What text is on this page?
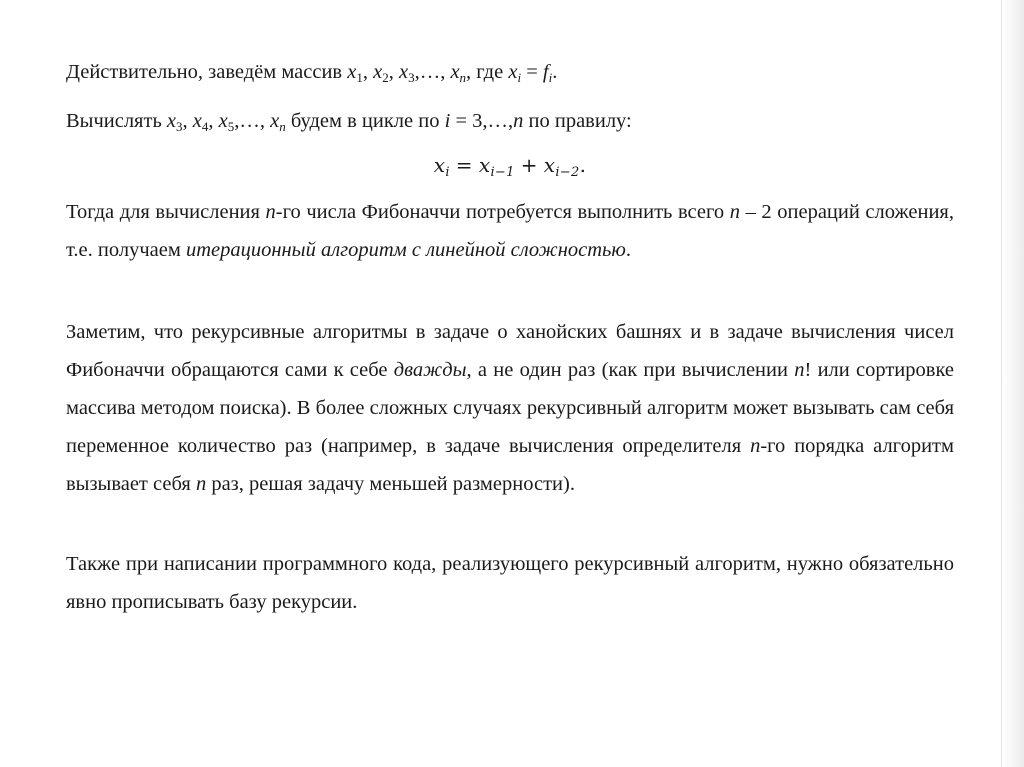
Действительно, заведём массив $x_1$, $x_2$, $x_3,\dots$, $x_n$, где $x_i = f_i$.

Вычислять $x_3$, $x_4$, $x_5,\dots$, $x_n$ будем в цикле по i = 3,…,n по правилу:

$x_i = x_{i-1} + x_{i-2}$.

Тогда для вычисления n-го числа Фибоначчи потребуется выполнить всего n – 2 операций сложения, т.е. получаем итерационный алгоритм с линейной сложностью.

Заметим, что рекурсивные алгоритмы в задаче о ханойских башнях и в задаче вычисления чисел Фибоначчи обращаются сами к себе дважды, а не один раз (как при вычислении n! или сортировке массива методом поиска). В более сложных случаях рекурсивный алгоритм может вызывать сам себя переменное количество раз (например, в задаче вычисления определителя n-го порядка алгоритм вызывает себя n раз, решая задачу меньшей размерности).

Также при написании программного кода, реализующего рекурсивный алгоритм, нужно обязательно явно прописывать базу рекурсии.
